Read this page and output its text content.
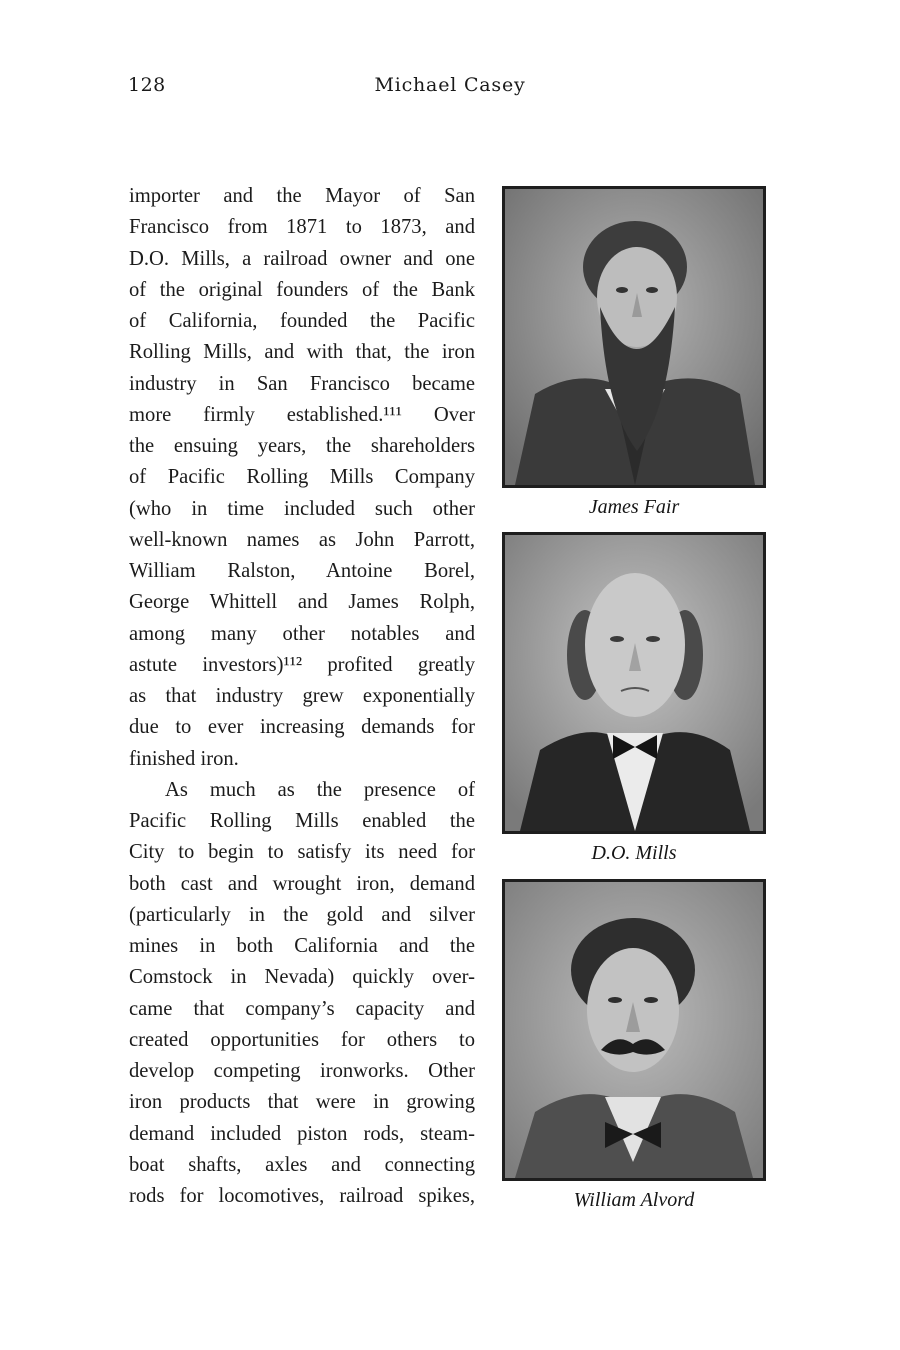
128	Michael Casey
importer and the Mayor of San
Francisco from 1871 to 1873, and
D.O. Mills, a railroad owner and one
of the original founders of the Bank
of California, founded the Pacific
Rolling Mills, and with that, the iron
industry in San Francisco became
more firmly established.¹¹¹ Over
the ensuing years, the shareholders
of Pacific Rolling Mills Company
(who in time included such other
well-known names as John Parrott,
William Ralston, Antoine Borel,
George Whittell and James Rolph,
among many other notables and
astute investors)¹¹² profited greatly
as that industry grew exponentially
due to ever increasing demands for
finished iron.
As much as the presence of
Pacific Rolling Mills enabled the
City to begin to satisfy its need for
both cast and wrought iron, demand
(particularly in the gold and silver
mines in both California and the
Comstock in Nevada) quickly over-
came that company’s capacity and
created opportunities for others to
develop competing ironworks. Other
iron products that were in growing
demand included piston rods, steam-
boat shafts, axles and connecting
rods for locomotives, railroad spikes,
James Fair
D.O. Mills
William Alvord
